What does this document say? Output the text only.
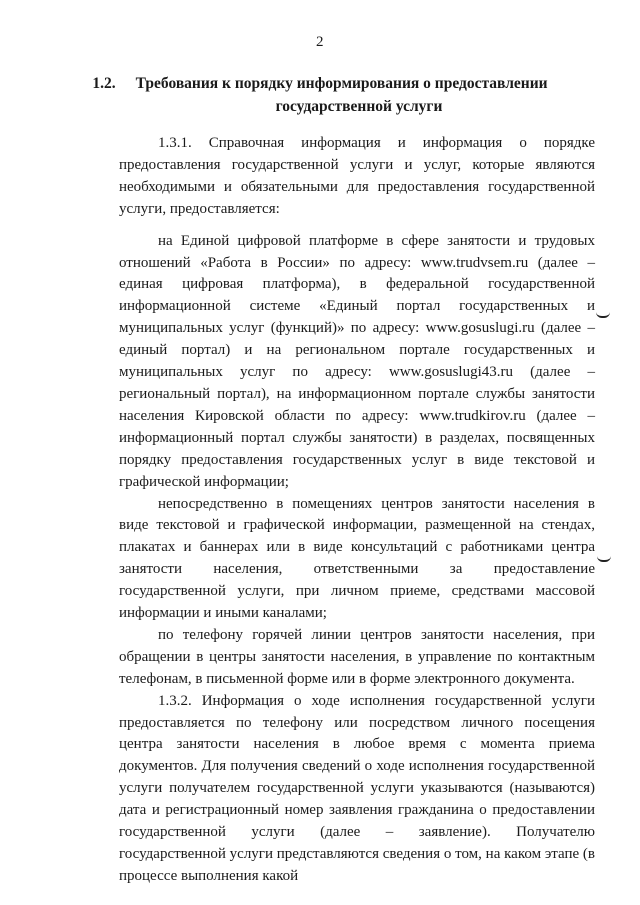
2
1.2. Требования к порядку информирования о предоставлении
государственной услуги

1.3.1. Справочная информация и информация о порядке предоставления государственной услуги и услуг, которые являются необходимыми и обязательными для предоставления государственной услуги, предоставляется:

на Единой цифровой платформе в сфере занятости и трудовых отношений «Работа в России» по адресу: www.trudvsem.ru (далее – единая цифровая платформа), в федеральной государственной информационной системе «Единый портал государственных и муниципальных услуг (функций)» по адресу: www.gosuslugi.ru (далее – единый портал) и на региональном портале государственных и муниципальных услуг по адресу: www.gosuslugi43.ru (далее – региональный портал), на информационном портале службы занятости населения Кировской области по адресу: www.trudkirov.ru (далее – информационный портал службы занятости) в разделах, посвященных порядку предоставления государственных услуг в виде текстовой и графической информации;

непосредственно в помещениях центров занятости населения в виде текстовой и графической информации, размещенной на стендах, плакатах и баннерах или в виде консультаций с работниками центра занятости населения, ответственными за предоставление государственной услуги, при личном приеме, средствами массовой информации и иными каналами;

по телефону горячей линии центров занятости населения, при обращении в центры занятости населения, в управление по контактным телефонам, в письменной форме или в форме электронного документа.

1.3.2. Информация о ходе исполнения государственной услуги предоставляется по телефону или посредством личного посещения центра занятости населения в любое время с момента приема документов. Для получения сведений о ходе исполнения государственной услуги получателем государственной услуги указываются (называются) дата и регистрационный номер заявления гражданина о предоставлении государственной услуги (далее – заявление). Получателю государственной услуги представляются сведения о том, на каком этапе (в процессе выполнения какой
